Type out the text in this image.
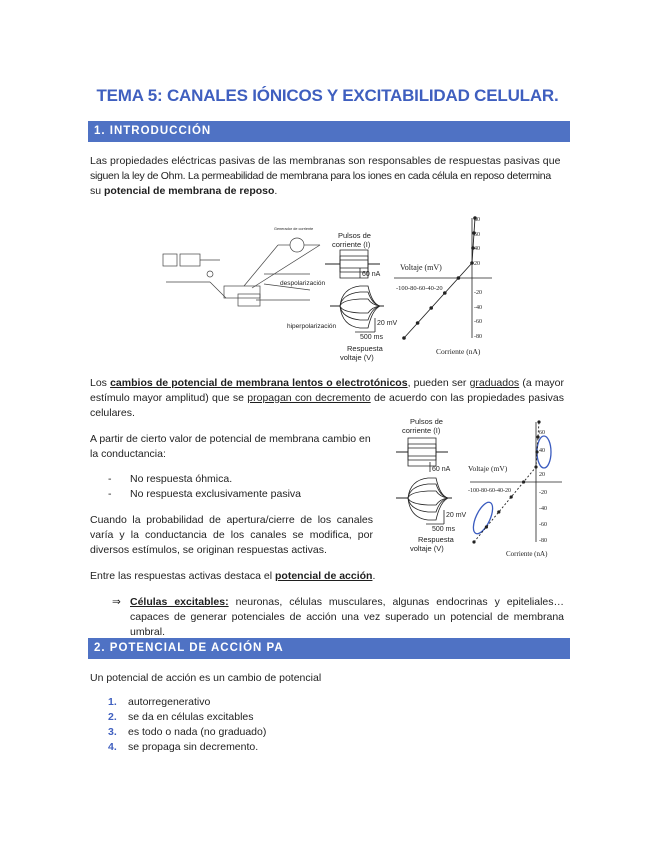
TEMA 5: CANALES IÓNICOS Y EXCITABILIDAD CELULAR.
1. INTRODUCCIÓN
Las propiedades eléctricas pasivas de las membranas son responsables de respuestas pasivas que
siguen la ley de Ohm. La permeabilidad de membrana para los iones en cada célula en reposo determina
su potencial de membrana de reposo.
Generador de corriente
Pulsos de
corriente (I)
60 nA
despolarización
hiperpolarización	20 mV
500 ms
Respuesta
voltaje (V)
Voltaje (mV)
-100-80-60-40-20
Corriente (nA)
80
60
40
20
-20
-40
-60
-80
Los cambios de potencial de membrana lentos o electrotónicos, pueden ser graduados (a mayor estímulo mayor amplitud) que se propagan con decremento de acuerdo con las propiedades pasivas celulares.
A partir de cierto valor de potencial de membrana cambio en la conductancia:
- No respuesta óhmica.
- No respuesta exclusivamente pasiva
Cuando la probabilidad de apertura/cierre de los canales varía y la conductancia de los canales se modifica, por diversos estímulos, se originan respuestas activas.
Pulsos de
corriente (I)
60 nA
20 mV
500 ms
Respuesta
voltaje (V)
Voltaje (mV)
-100-80-60-40-20
Corriente (nA)
60
40
20
-20
-40
-60
-80
Entre las respuestas activas destaca el potencial de acción.
⇒ Células excitables: neuronas, células musculares, algunas endocrinas y epiteliales… capaces de generar potenciales de acción una vez superado un potencial de membrana umbral.
2. POTENCIAL DE ACCIÓN PA
Un potencial de acción es un cambio de potencial
1. autorregenerativo
2. se da en células excitables
3. es todo o nada (no graduado)
4. se propaga sin decremento.
